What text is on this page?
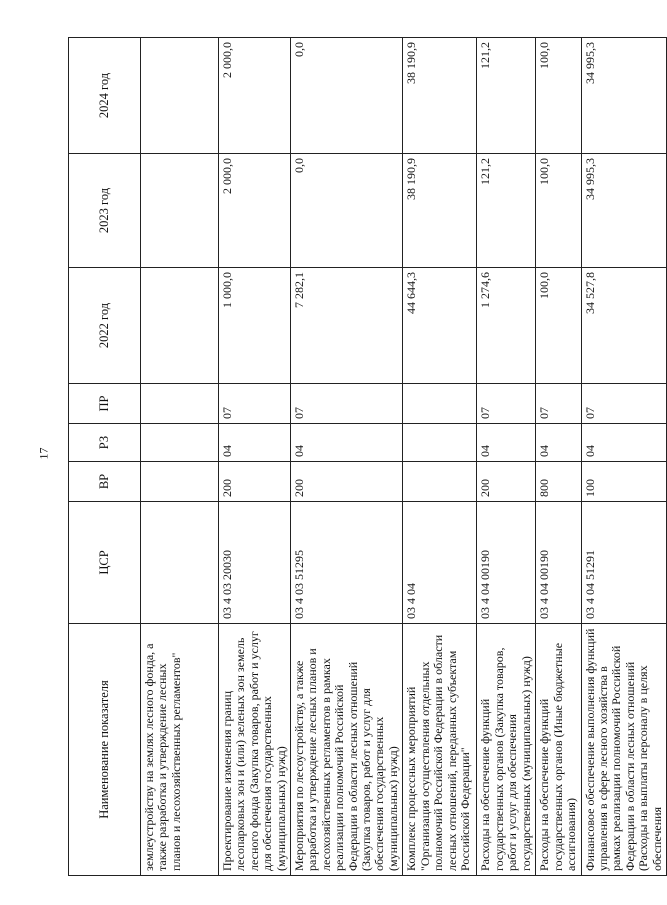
17
Наименование показателя	ЦСР	ВР	РЗ	ПР	2022 год	2023 год	2024 год
землеустройству на землях лесного фонда, а также разработка и утверждение лесных планов и лесохозяйственных регламентов"							
Проектирование изменения границ лесопарковых зон и (или) зеленых зон земель лесного фонда (Закупка товаров, работ и услуг для обеспечения государственных (муниципальных) нужд)	03 4 03 20030	200	04	07	1 000,0	2 000,0	2 000,0
Мероприятия по лесоустройству, а также разработка и утверждение лесных планов и лесохозяйственных регламентов в рамках реализации полномочий Российской Федерации в области лесных отношений (Закупка товаров, работ и услуг для обеспечения государственных (муниципальных) нужд)	03 4 03 51295	200	04	07	7 282,1	0,0	0,0
Комплекс процессных мероприятий "Организация осуществления отдельных полномочий Российской Федерации в области лесных отношений, переданных субъектам Российской Федерации"	03 4 04				44 644,3	38 190,9	38 190,9
Расходы на обеспечение функций государственных органов (Закупка товаров, работ и услуг для обеспечения государственных (муниципальных) нужд)	03 4 04 00190	200	04	07	1 274,6	121,2	121,2
Расходы на обеспечение функций государственных органов (Иные бюджетные ассигнования)	03 4 04 00190	800	04	07	100,0	100,0	100,0
Финансовое обеспечение выполнения функций управления в сфере лесного хозяйства в рамках реализации полномочий Российской Федерации в области лесных отношений (Расходы на выплаты персоналу в целях обеспечения	03 4 04 51291	100	04	07	34 527,8	34 995,3	34 995,3
